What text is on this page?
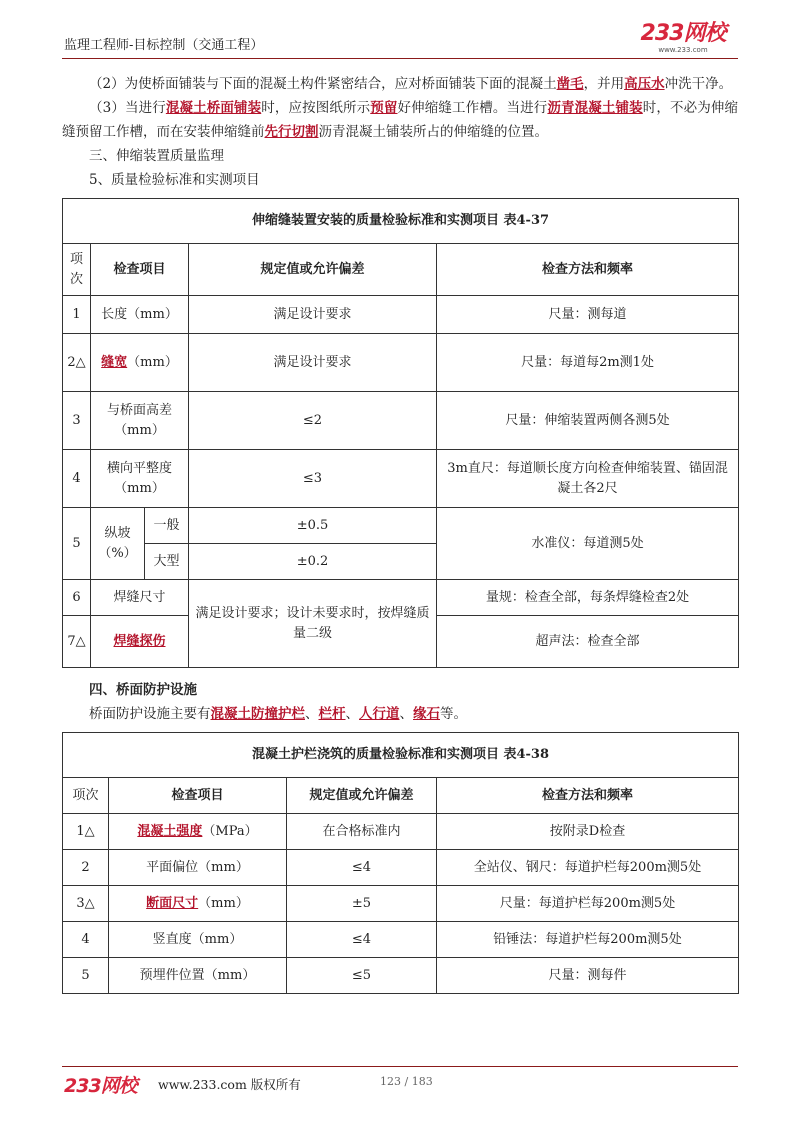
监理工程师-目标控制（交通工程）	233网校
www.233.com

（2）为使桥面铺装与下面的混凝土构件紧密结合，应对桥面铺装下面的混凝土凿毛，并用高压水冲洗干净。

（3）当进行混凝土桥面铺装时，应按图纸所示预留好伸缩缝工作槽。当进行沥青混凝土铺装时，不必为伸缩缝预留工作槽，而在安装伸缩缝前先行切割沥青混凝土铺装所占的伸缩缝的位置。

三、伸缩装置质量监理

5、质量检验标准和实测项目

伸缩缝装置安装的质量检验标准和实测项目 表4-37				
项次	检查项目		规定值或允许偏差	检查方法和频率
1	长度（mm）		满足设计要求	尺量：测每道
2△	缝宽（mm）		满足设计要求	尺量：每道每2m测1处
3	与桥面高差（mm）		≤2	尺量：伸缩装置两侧各测5处
4	横向平整度（mm）		≤3	3m直尺：每道顺长度方向检查伸缩装置、锚固混凝土各2尺
5	纵坡（%）	一般	±0.5	水准仪：每道测5处
		大型	±0.2	
6	焊缝尺寸		满足设计要求；设计未要求时，按焊缝质量二级	量规：检查全部，每条焊缝检查2处
7△	焊缝探伤			超声法：检查全部

四、桥面防护设施

桥面防护设施主要有混凝土防撞护栏、栏杆、人行道、缘石等。

混凝土护栏浇筑的质量检验标准和实测项目 表4-38			
项次	检查项目	规定值或允许偏差	检查方法和频率
1△	混凝土强度（MPa）	在合格标准内	按附录D检查
2	平面偏位（mm）	≤4	全站仪、钢尺：每道护栏每200m测5处
3△	断面尺寸（mm）	±5	尺量：每道护栏每200m测5处
4	竖直度（mm）	≤4	铅锤法：每道护栏每200m测5处
5	预埋件位置（mm）	≤5	尺量：测每件
233网校 www.233.com 版权所有	123 / 183
